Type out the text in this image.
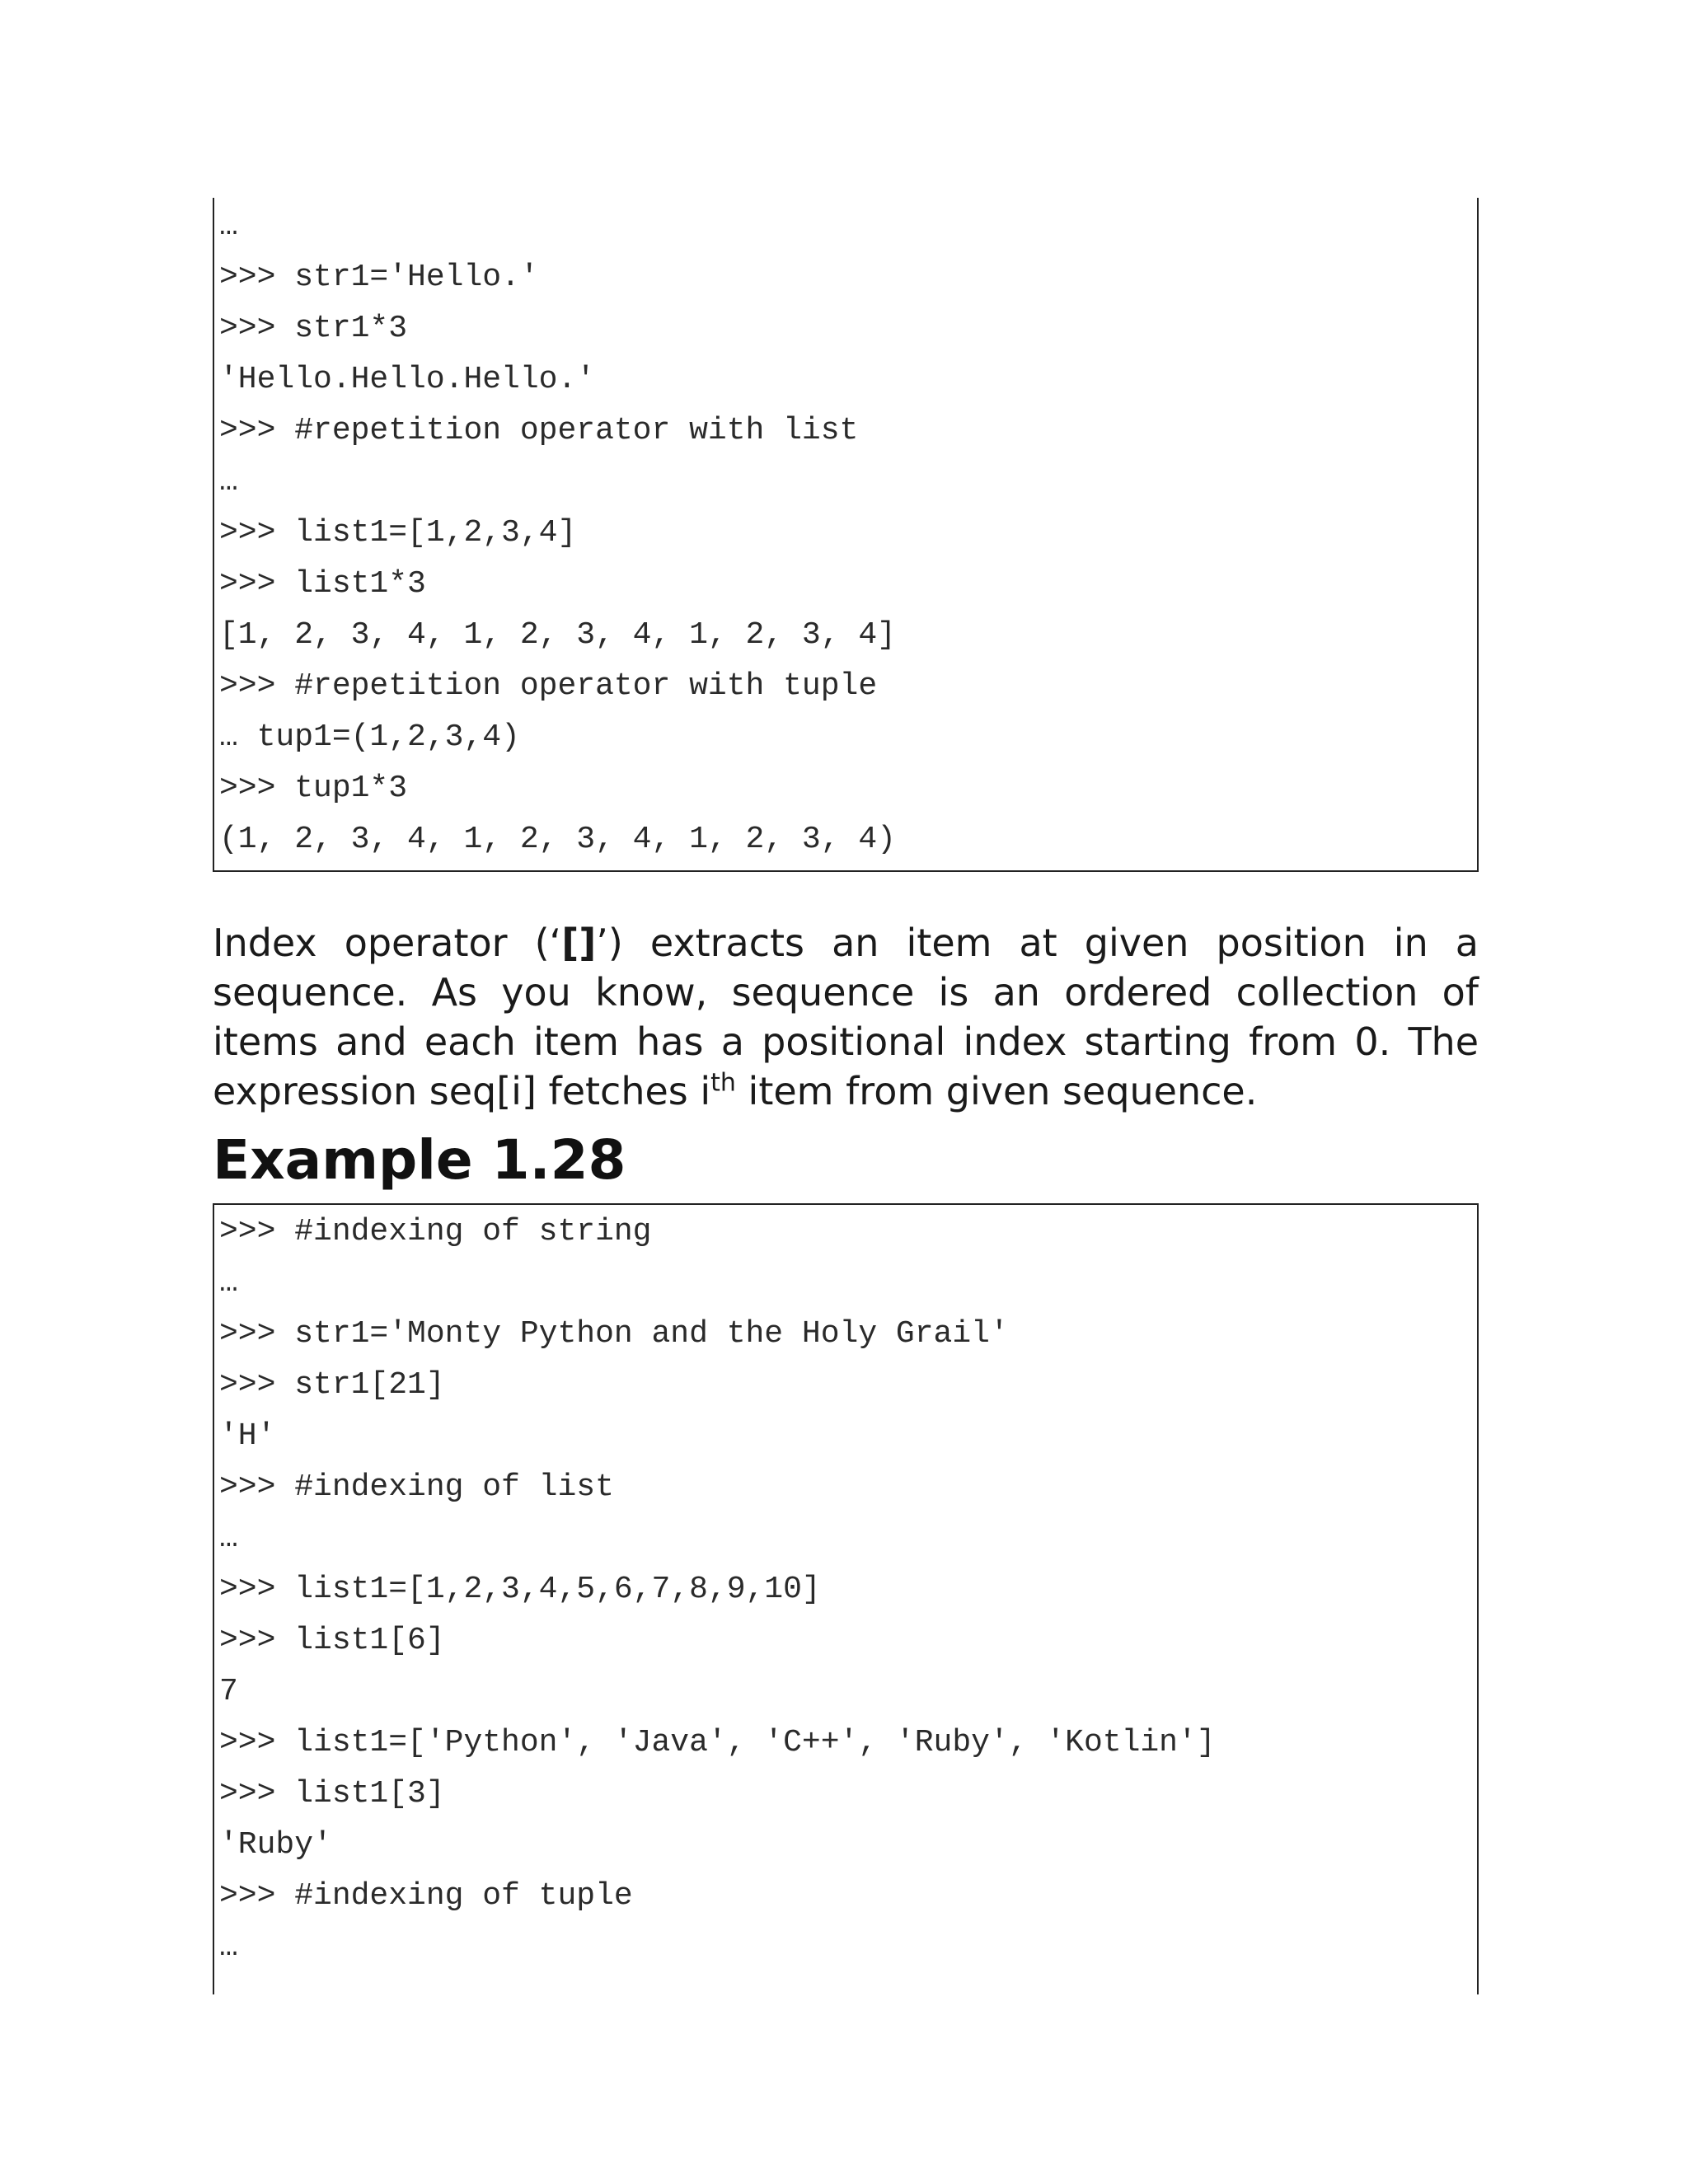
…
>>> str1='Hello.'
>>> str1*3
'Hello.Hello.Hello.'
>>> #repetition operator with list
…
>>> list1=[1,2,3,4]
>>> list1*3
[1, 2, 3, 4, 1, 2, 3, 4, 1, 2, 3, 4]
>>> #repetition operator with tuple
… tup1=(1,2,3,4)
>>> tup1*3
(1, 2, 3, 4, 1, 2, 3, 4, 1, 2, 3, 4)

Index operator (‘[]’) extracts an item at given position in a sequence. As you know, sequence is an ordered collection of items and each item has a positional index starting from 0. The expression seq[i] fetches $i^{th}$ item from given sequence.

Example 1.28
>>> #indexing of string
…
>>> str1='Monty Python and the Holy Grail'
>>> str1[21]
'H'
>>> #indexing of list
…
>>> list1=[1,2,3,4,5,6,7,8,9,10]
>>> list1[6]
7
>>> list1=['Python', 'Java', 'C++', 'Ruby', 'Kotlin']
>>> list1[3]
'Ruby'
>>> #indexing of tuple
…
